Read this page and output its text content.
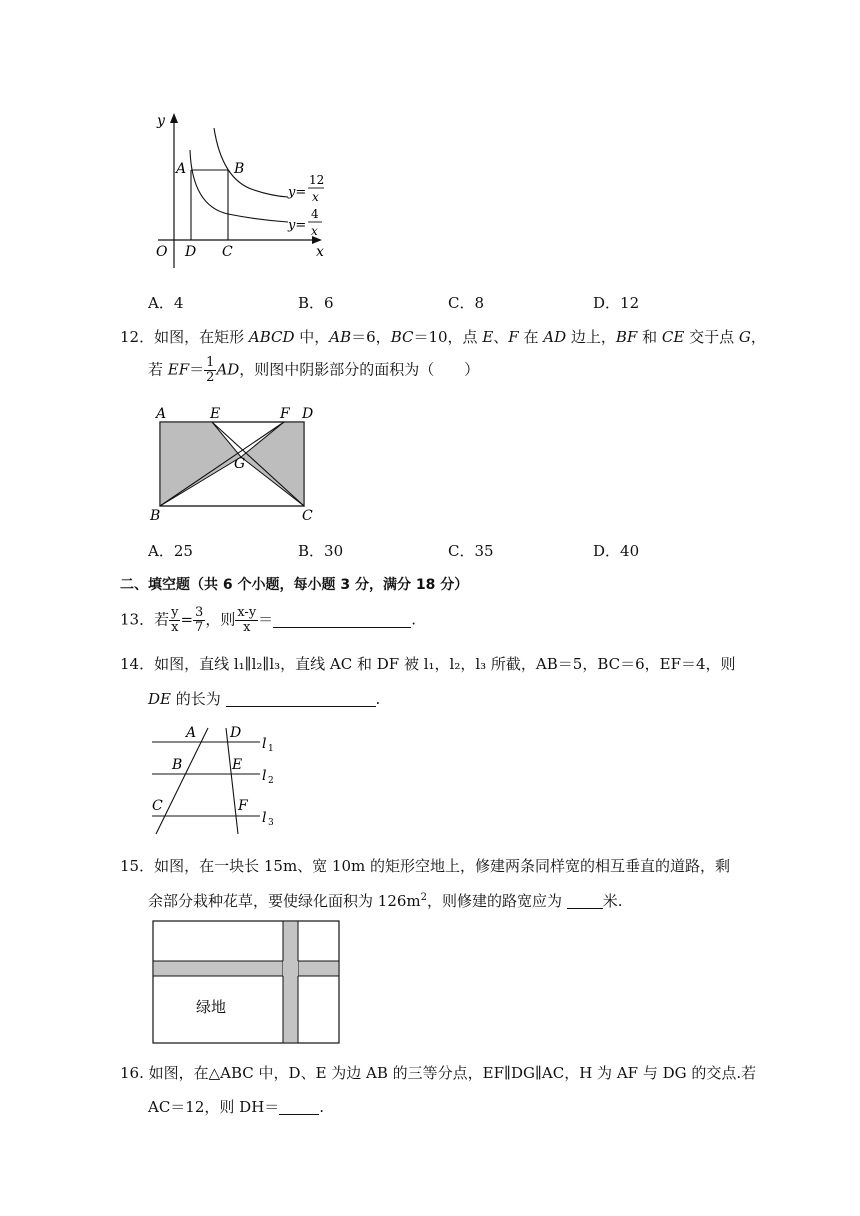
y
x
O
A	B
D C
y=
12
x
y=
4
x
A．4	B．6	C．8	D．12
12．如图，在矩形 ABCD 中，AB＝6，BC＝10，点 E、F 在 AD 边上，BF 和 CE 交于点 G，
若 $EF= \frac{1}{2}$ AD，则图中阴影部分的面积为（　　）
A	E	F D
G
B	C
A．25	B．30	C．35	D．40
二、填空题（共 6 个小题，每小题 3 分，满分 18 分）
13．若 $\frac{y}{x} = \frac{3}{7}$ ，则 $\frac{x-y}{x}$ ＝	.
14．如图，直线 l₁∥l₂∥l₃，直线 AC 和 DF 被 l₁，l₂，l₃ 所截，AB＝5，BC＝6，EF＝4，则
DE 的长为	.
A D
B	E
C	F
l 1
l 2
l 3
15．如图，在一块长 15m、宽 10m 的矩形空地上，修建两条同样宽的相互垂直的道路，剩
余部分栽种花草，要使绿化面积为 $126m^2$，则修建的路宽应为 米.
绿地
16. 如图，在△ABC 中，D、E 为边 AB 的三等分点，EF∥DG∥AC，H 为 AF 与 DG 的交点.若
AC＝12，则 DH＝	.
